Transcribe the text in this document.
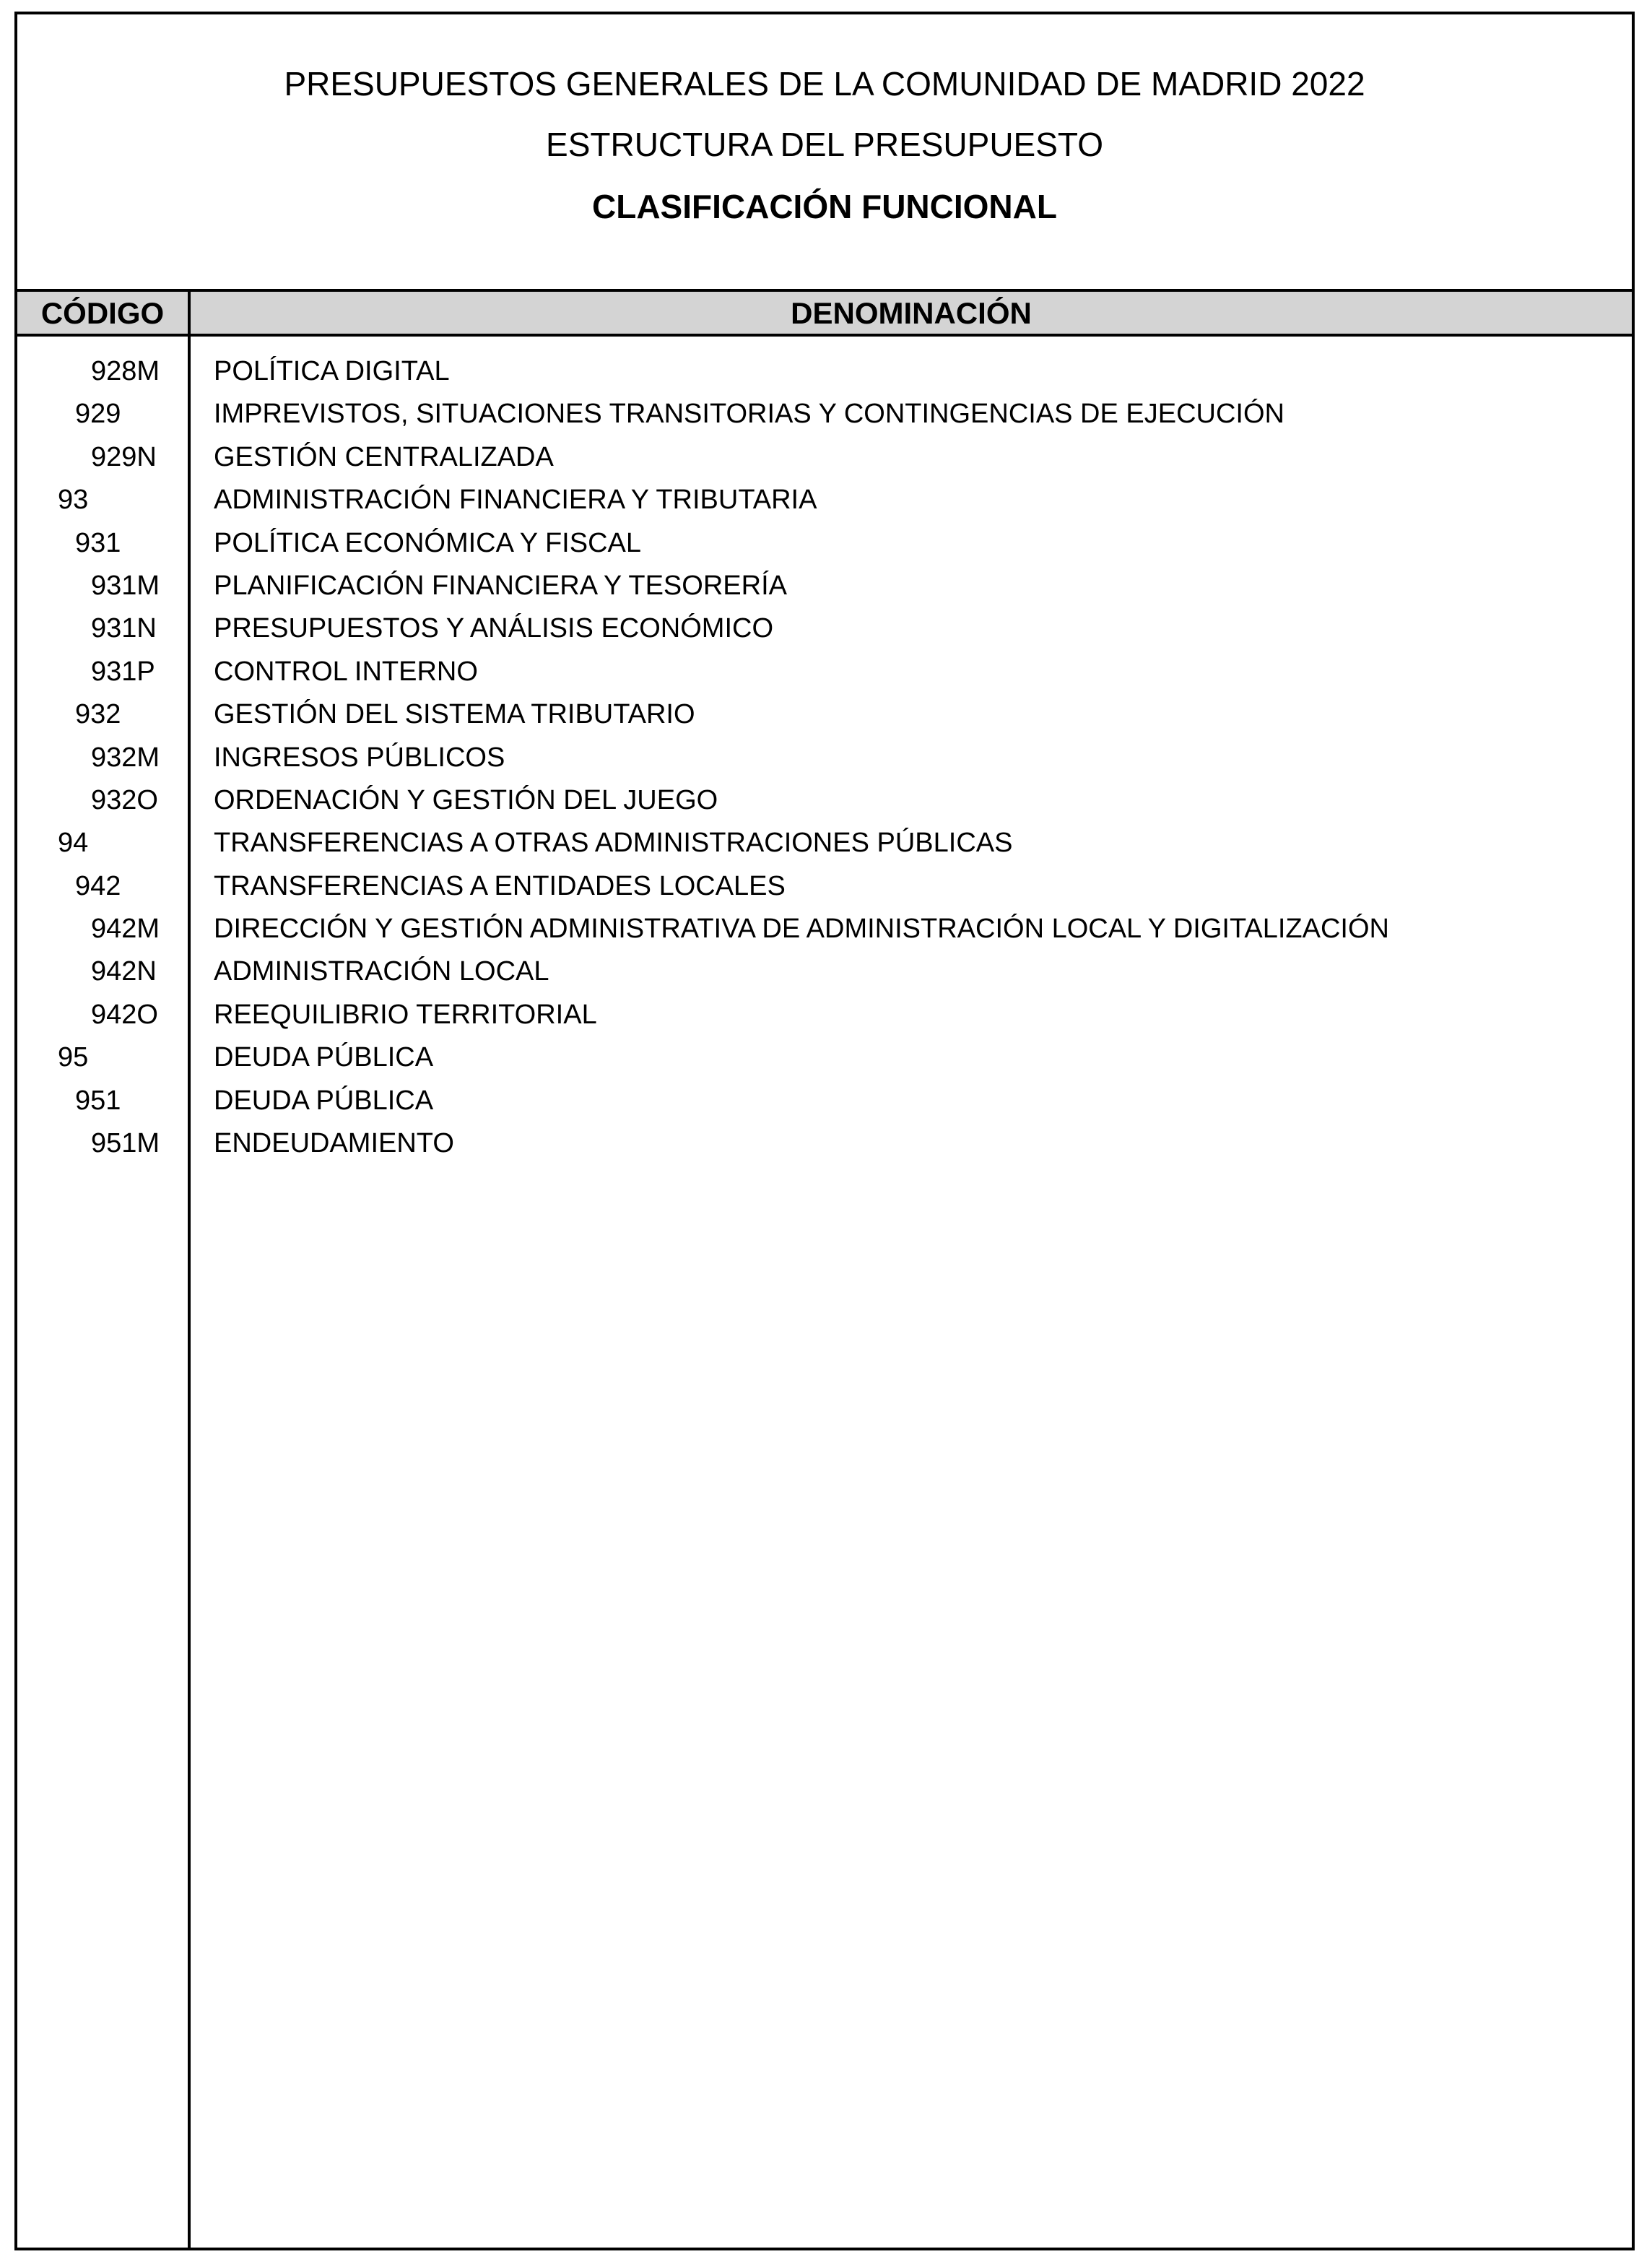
PRESUPUESTOS GENERALES DE LA COMUNIDAD DE MADRID 2022
ESTRUCTURA DEL PRESUPUESTO
CLASIFICACIÓN FUNCIONAL
CÓDIGO	DENOMINACIÓN
928M POLÍTICA DIGITAL
929	IMPREVISTOS, SITUACIONES TRANSITORIAS Y CONTINGENCIAS DE EJECUCIÓN
929N GESTIÓN CENTRALIZADA
93	ADMINISTRACIÓN FINANCIERA Y TRIBUTARIA
931	POLÍTICA ECONÓMICA Y FISCAL
931M PLANIFICACIÓN FINANCIERA Y TESORERÍA
931N PRESUPUESTOS Y ANÁLISIS ECONÓMICO
931P CONTROL INTERNO
932	GESTIÓN DEL SISTEMA TRIBUTARIO
932M INGRESOS PÚBLICOS
932O ORDENACIÓN Y GESTIÓN DEL JUEGO
94	TRANSFERENCIAS A OTRAS ADMINISTRACIONES PÚBLICAS
942	TRANSFERENCIAS A ENTIDADES LOCALES
942M DIRECCIÓN Y GESTIÓN ADMINISTRATIVA DE ADMINISTRACIÓN LOCAL Y DIGITALIZACIÓN
942N ADMINISTRACIÓN LOCAL
942O REEQUILIBRIO TERRITORIAL
95	DEUDA PÚBLICA
951	DEUDA PÚBLICA
951M ENDEUDAMIENTO
